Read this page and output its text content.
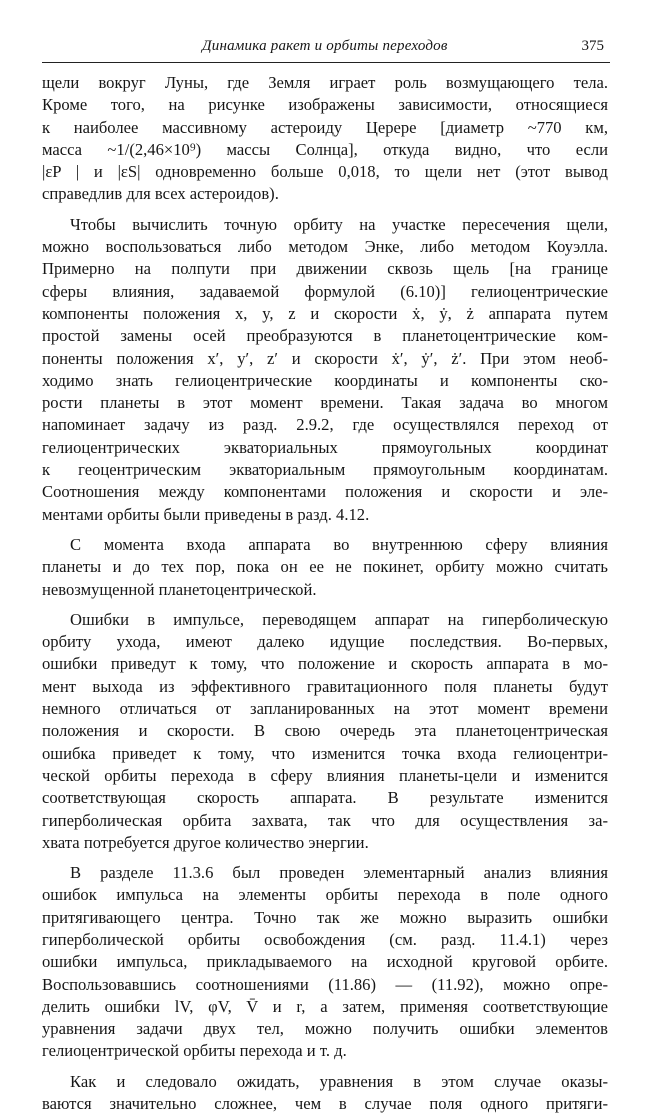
Динамика ракет и орбиты переходов	375
щели вокруг Луны, где Земля играет роль возмущающего тела.
Кроме того, на рисунке изображены зависимости, относящиеся
к наиболее массивному астероиду Церере [диаметр ~770 км,
масса ~1/(2,46×10⁹) массы Солнца], откуда видно, что если
|εP | и |εS| одновременно больше 0,018, то щели нет (этот вывод
справедлив для всех астероидов).
Чтобы вычислить точную орбиту на участке пересечения щели,
можно воспользоваться либо методом Энке, либо методом Коуэлла.
Примерно на полпути при движении сквозь щель [на границе
сферы влияния, задаваемой формулой (6.10)] гелиоцентрические
компоненты положения x, y, z и скорости ẋ, ẏ, ż аппарата путем
простой замены осей преобразуются в планетоцентрические ком-
поненты положения x′, y′, z′ и скорости ẋ′, ẏ′, ż′. При этом необ-
ходимо знать гелиоцентрические координаты и компоненты ско-
рости планеты в этот момент времени. Такая задача во многом
напоминает задачу из разд. 2.9.2, где осуществлялся переход от
гелиоцентрических экваториальных прямоугольных координат
к геоцентрическим экваториальным прямоугольным координатам.
Соотношения между компонентами положения и скорости и эле-
ментами орбиты были приведены в разд. 4.12.
С момента входа аппарата во внутреннюю сферу влияния
планеты и до тех пор, пока он ее не покинет, орбиту можно считать
невозмущенной планетоцентрической.
Ошибки в импульсе, переводящем аппарат на гиперболическую
орбиту ухода, имеют далеко идущие последствия. Во-первых,
ошибки приведут к тому, что положение и скорость аппарата в мо-
мент выхода из эффективного гравитационного поля планеты будут
немного отличаться от запланированных на этот момент времени
положения и скорости. В свою очередь эта планетоцентрическая
ошибка приведет к тому, что изменится точка входа гелиоцентри-
ческой орбиты перехода в сферу влияния планеты-цели и изменится
соответствующая скорость аппарата. В результате изменится
гиперболическая орбита захвата, так что для осуществления за-
хвата потребуется другое количество энергии.
В разделе 11.3.6 был проведен элементарный анализ влияния
ошибок импульса на элементы орбиты перехода в поле одного
притягивающего центра. Точно так же можно выразить ошибки
гиперболической орбиты освобождения (см. разд. 11.4.1) через
ошибки импульса, прикладываемого на исходной круговой орбите.
Воспользовавшись соотношениями (11.86) — (11.92), можно опре-
делить ошибки lV, φV, V̄ и r, а затем, применяя соответствующие
уравнения задачи двух тел, можно получить ошибки элементов
гелиоцентрической орбиты перехода и т. д.
Как и следовало ожидать, уравнения в этом случае оказы-
ваются значительно сложнее, чем в случае поля одного притяги-
